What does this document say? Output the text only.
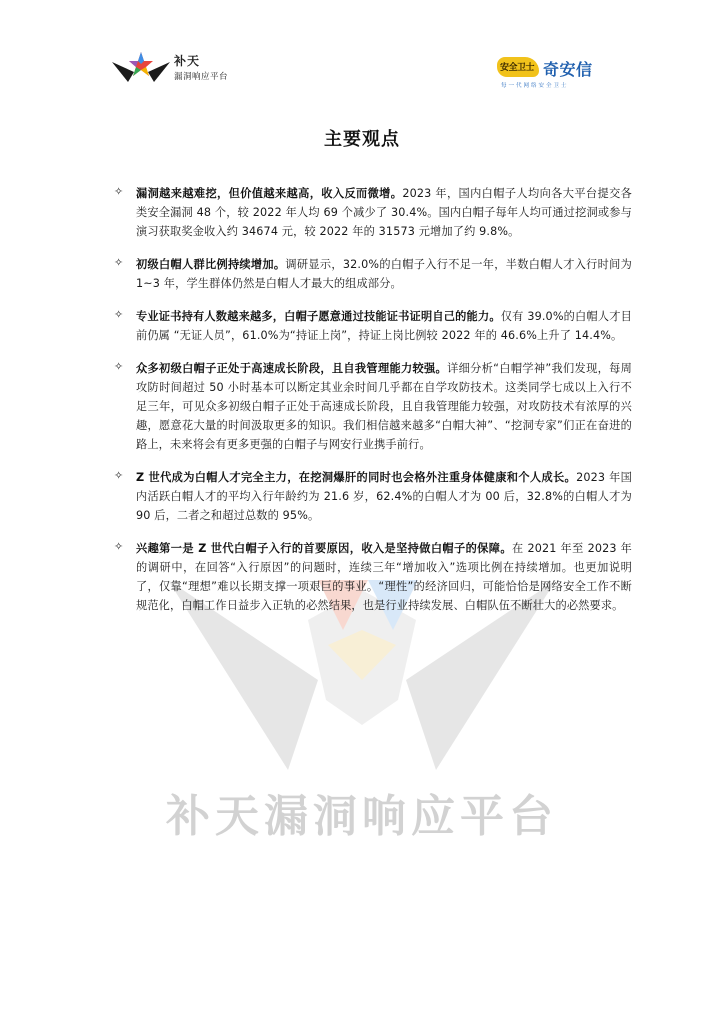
补天
漏洞响应平台
安全卫士 奇安信
每一代网络安全卫士
补天漏洞响应平台
主要观点
✧ 漏洞越来越难挖，但价值越来越高，收入反而微增。2023 年，国内白帽子人均向各大平台提交各类安全漏洞 48 个，较 2022 年人均 69 个减少了 30.4%。国内白帽子每年人均可通过挖洞或参与演习获取奖金收入约 34674 元，较 2022 年的 31573 元增加了约 9.8%。
✧ 初级白帽人群比例持续增加。调研显示，32.0%的白帽子入行不足一年，半数白帽人才入行时间为 1~3 年，学生群体仍然是白帽人才最大的组成部分。
✧ 专业证书持有人数越来越多，白帽子愿意通过技能证书证明自己的能力。仅有 39.0%的白帽人才目前仍属 “无证人员”，61.0%为“持证上岗”，持证上岗比例较 2022 年的 46.6%上升了 14.4%。
✧ 众多初级白帽子正处于高速成长阶段，且自我管理能力较强。详细分析“白帽学神”我们发现，每周攻防时间超过 50 小时基本可以断定其业余时间几乎都在自学攻防技术。这类同学七成以上入行不足三年，可见众多初级白帽子正处于高速成长阶段，且自我管理能力较强，对攻防技术有浓厚的兴趣，愿意花大量的时间汲取更多的知识。我们相信越来越多“白帽大神”、“挖洞专家”们正在奋进的路上，未来将会有更多更强的白帽子与网安行业携手前行。
✧ Z 世代成为白帽人才完全主力，在挖洞爆肝的同时也会格外注重身体健康和个人成长。2023 年国内活跃白帽人才的平均入行年龄约为 21.6 岁，62.4%的白帽人才为 00 后，32.8%的白帽人才为 90 后，二者之和超过总数的 95%。
✧ 兴趣第一是 Z 世代白帽子入行的首要原因，收入是坚持做白帽子的保障。在 2021 年至 2023 年的调研中，在回答“入行原因”的问题时，连续三年“增加收入”选项比例在持续增加。也更加说明了，仅靠“理想”难以长期支撑一项艰巨的事业。“理性”的经济回归，可能恰恰是网络安全工作不断规范化，白帽工作日益步入正轨的必然结果，也是行业持续发展、白帽队伍不断壮大的必然要求。
